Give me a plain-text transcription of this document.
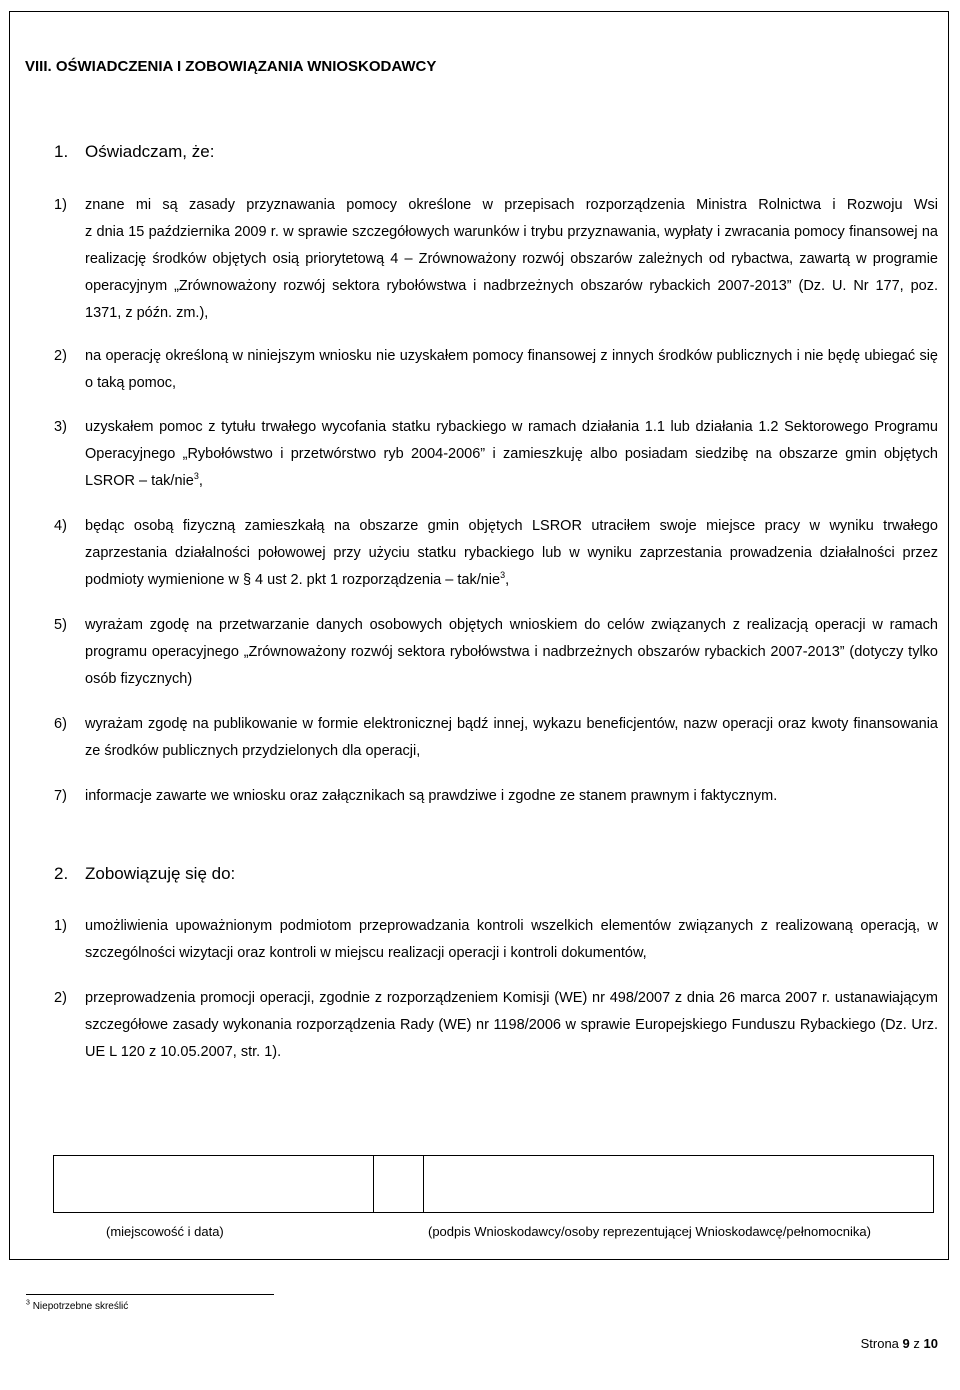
VIII. OŚWIADCZENIA I ZOBOWIĄZANIA WNIOSKODAWCY
1. Oświadczam, że:
1) znane mi są zasady przyznawania pomocy określone w przepisach rozporządzenia Ministra Rolnictwa i Rozwoju Wsi
z dnia 15 października 2009 r. w sprawie szczegółowych warunków i trybu przyznawania, wypłaty i zwracania pomocy finansowej na realizację środków objętych osią priorytetową 4 – Zrównoważony rozwój obszarów zależnych od rybactwa, zawartą w programie operacyjnym „Zrównoważony rozwój sektora rybołówstwa i nadbrzeżnych obszarów rybackich 2007-2013” (Dz. U. Nr 177, poz. 1371, z późn. zm.),
2) na operację określoną w niniejszym wniosku nie uzyskałem pomocy finansowej z innych środków publicznych i nie będę ubiegać się o taką pomoc,
3) uzyskałem pomoc z tytułu trwałego wycofania statku rybackiego w ramach działania 1.1 lub działania 1.2 Sektorowego Programu Operacyjnego „Rybołówstwo i przetwórstwo ryb 2004-2006” i zamieszkuję albo posiadam siedzibę na obszarze gmin objętych LSROR – tak/nie$^3$,
4) będąc osobą fizyczną zamieszkałą na obszarze gmin objętych LSROR utraciłem swoje miejsce pracy w wyniku trwałego zaprzestania działalności połowowej przy użyciu statku rybackiego lub w wyniku zaprzestania prowadzenia działalności przez podmioty wymienione w § 4 ust 2. pkt 1 rozporządzenia – tak/nie$^3$,
5) wyrażam zgodę na przetwarzanie danych osobowych objętych wnioskiem do celów związanych z realizacją operacji w ramach programu operacyjnego „Zrównoważony rozwój sektora rybołówstwa i nadbrzeżnych obszarów rybackich 2007-2013” (dotyczy tylko osób fizycznych)
6) wyrażam zgodę na publikowanie w formie elektronicznej bądź innej, wykazu beneficjentów, nazw operacji oraz kwoty finansowania ze środków publicznych przydzielonych dla operacji,
7) informacje zawarte we wniosku oraz załącznikach są prawdziwe i zgodne ze stanem prawnym i faktycznym.
2. Zobowiązuję się do:
1) umożliwienia upoważnionym podmiotom przeprowadzania kontroli wszelkich elementów związanych z realizowaną operacją, w szczególności wizytacji oraz kontroli w miejscu realizacji operacji i kontroli dokumentów,
2) przeprowadzenia promocji operacji, zgodnie z rozporządzeniem Komisji (WE) nr 498/2007 z dnia 26 marca 2007 r. ustanawiającym szczegółowe zasady wykonania rozporządzenia Rady (WE) nr 1198/2006 w sprawie Europejskiego Funduszu Rybackiego (Dz. Urz. UE L 120 z 10.05.2007, str. 1).
(miejscowość i data)	(podpis Wnioskodawcy/osoby reprezentującej Wnioskodawcę/pełnomocnika)
$^3$ Niepotrzebne skreślić
Strona 9 z 10
